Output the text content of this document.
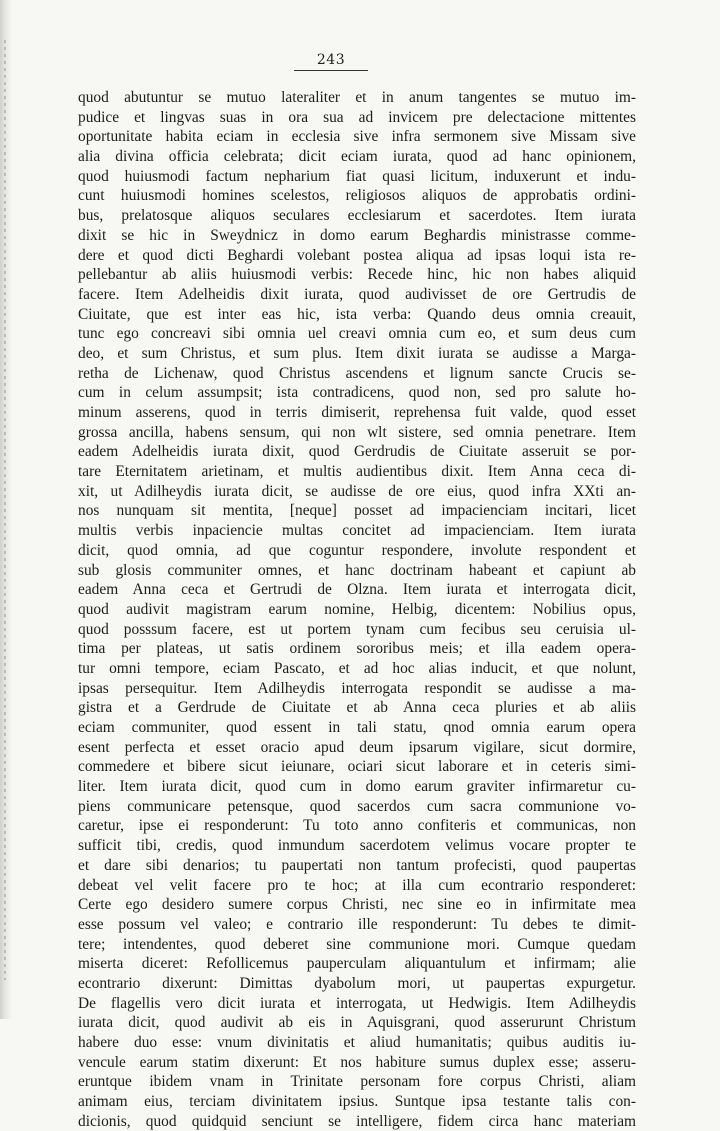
243
quod abutuntur se mutuo lateraliter et in anum tangentes se mutuo im-
pudice et lingvas suas in ora sua ad invicem pre delectacione mittentes
oportunitate habita eciam in ecclesia sive infra sermonem sive Missam sive
alia divina officia celebrata; dicit eciam iurata, quod ad hanc opinionem,
quod huiusmodi factum nepharium fiat quasi licitum, induxerunt et indu-
cunt huiusmodi homines scelestos, religiosos aliquos de approbatis ordini-
bus, prelatosque aliquos seculares ecclesiarum et sacerdotes. Item iurata
dixit se hic in Sweydnicz in domo earum Beghardis ministrasse comme-
dere et quod dicti Beghardi volebant postea aliqua ad ipsas loqui ista re-
pellebantur ab aliis huiusmodi verbis: Recede hinc, hic non habes aliquid
facere. Item Adelheidis dixit iurata, quod audivisset de ore Gertrudis de
Ciuitate, que est inter eas hic, ista verba: Quando deus omnia creauit,
tunc ego concreavi sibi omnia uel creavi omnia cum eo, et sum deus cum
deo, et sum Christus, et sum plus. Item dixit iurata se audisse a Marga-
retha de Lichenaw, quod Christus ascendens et lignum sancte Crucis se-
cum in celum assumpsit; ista contradicens, quod non, sed pro salute ho-
minum asserens, quod in terris dimiserit, reprehensa fuit valde, quod esset
grossa ancilla, habens sensum, qui non wlt sistere, sed omnia penetrare. Item
eadem Adelheidis iurata dixit, quod Gerdrudis de Ciuitate asseruit se por-
tare Eternitatem arietinam, et multis audientibus dixit. Item Anna ceca di-
xit, ut Adilheydis iurata dicit, se audisse de ore eius, quod infra XXti an-
nos nunquam sit mentita, [neque] posset ad impacienciam incitari, licet
multis verbis inpacienciе multas concitet ad impacienciam. Item iurata
dicit, quod omnia, ad que coguntur respondere, involute respondent et
sub glosis communiter omnes, et hanc doctrinam habeant et capiunt ab
eadem Anna ceca et Gertrudi de Olzna. Item iurata et interrogata dicit,
quod audivit magistram earum nomine, Helbig, dicentem: Nobilius opus,
quod posssum facere, est ut portem tynam cum fecibus seu ceruisia ul-
tima per plateas, ut satis ordinem sororibus meis; et illa eadem opera-
tur omni tempore, eciam Pascato, et ad hoc alias inducit, et que nolunt,
ipsas persequitur. Item Adilheydis interrogata respondit se audisse a ma-
gistra et a Gerdrude de Ciuitate et ab Anna ceca pluries et ab aliis
eciam communiter, quod essent in tali statu, qnod omnia earum opera
esent perfecta et esset oracio apud deum ipsarum vigilare, sicut dormire,
commedere et bibere sicut ieiunare, ociari sicut laborare et in ceteris simi-
liter. Item iurata dicit, quod cum in domo earum graviter infirmaretur cu-
piens communicare petensque, quod sacerdos cum sacra communione vo-
caretur, ipse ei responderunt: Tu toto anno confiteris et communicas, non
sufficit tibi, credis, quod inmundum sacerdotem velimus vocare propter te
et dare sibi denarios; tu paupertati non tantum profecisti, quod paupertas
debeat vel velit facere pro te hoc; at illa cum econtrario responderet:
Certe ego desidero sumere corpus Christi, nec sine eo in infirmitate mea
esse possum vel valeo; e contrario ille responderunt: Tu debes te dimit-
tere; intendentes, quod deberet sine communione mori. Cumque quedam
miserta diceret: Refollicemus pauperculam aliquantulum et infirmam; alie
econtrario dixerunt: Dimittas dyabolum mori, ut paupertas expurgetur.
De flagellis vero dicit iurata et interrogata, ut Hedwigis. Item Adilheydis
iurata dicit, quod audivit ab eis in Aquisgrani, quod asserurunt Christum
habere duo esse: vnum divinitatis et aliud humanitatis; quibus auditis iu-
vencule earum statim dixerunt: Et nos habiture sumus duplex esse; asseru-
eruntque ibidem vnam in Trinitate personam fore corpus Christi, aliam
animam eius, terciam divinitatem ipsius. Suntque ipsa testante talis con-
dicionis, quod quidquid senciunt se intelligere, fidem circa hanc materiam
